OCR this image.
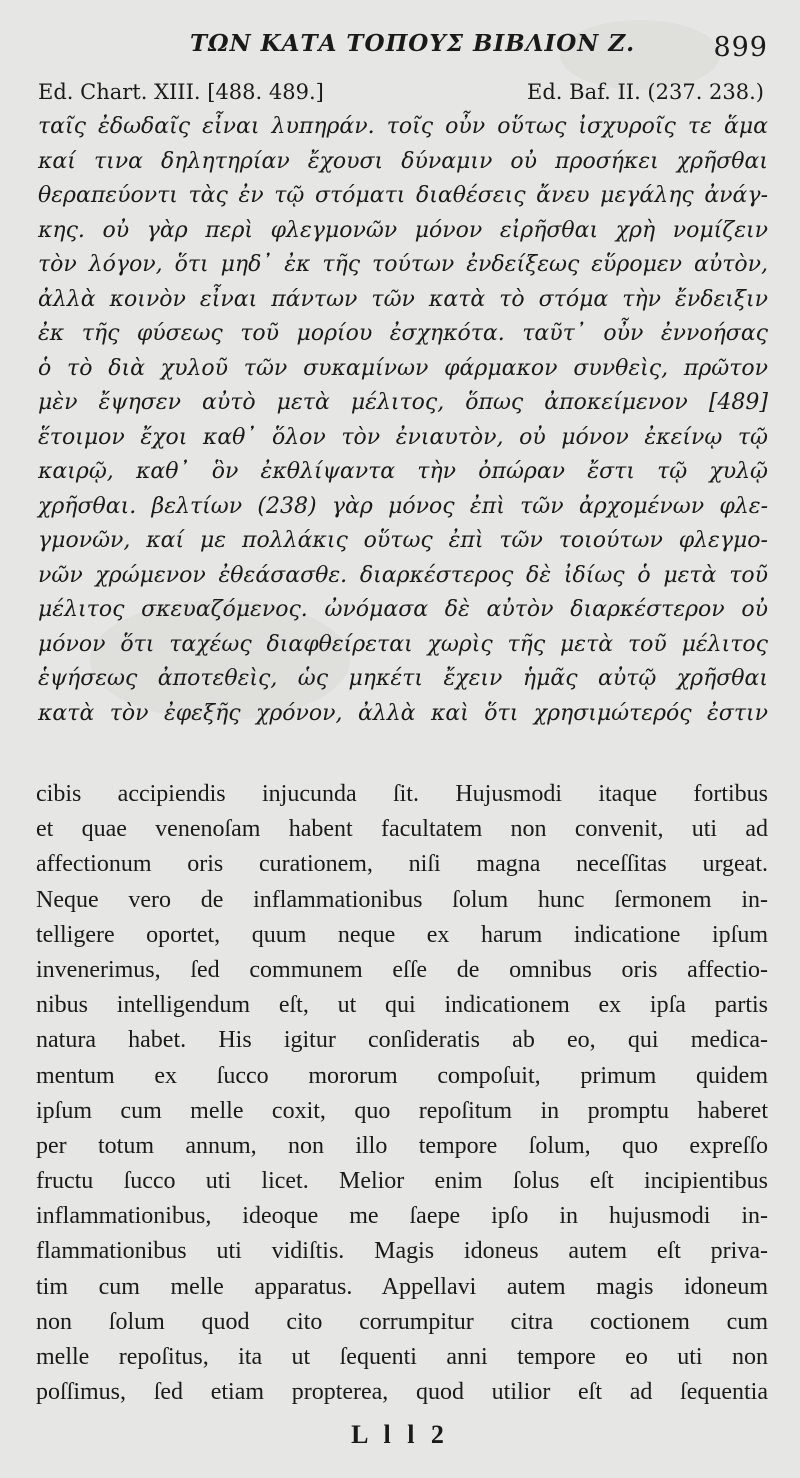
ΤΩΝ ΚΑΤΑ ΤΟΠΟΥΣ ΒΙΒΛΙΟΝ Ζ.	899
Ed. Chart. XIII. [488. 489.]	Ed. Baf. II. (237. 238.)
ταῖς ἐδωδαῖς εἶναι λυπηράν. τοῖς οὖν οὕτως ἰσχυροῖς τε ἅμα
καί τινα δηλητηρίαν ἔχουσι δύναμιν οὐ προσήκει χρῆσθαι
θεραπεύοντι τὰς ἐν τῷ στόματι διαθέσεις ἄνευ μεγάλης ἀνάγ-
κης. οὐ γὰρ περὶ φλεγμονῶν μόνον εἰρῆσθαι χρὴ νομίζειν
τὸν λόγον, ὅτι μηδ᾽ ἐκ τῆς τούτων ἐνδείξεως εὕρομεν αὐτὸν,
ἀλλὰ κοινὸν εἶναι πάντων τῶν κατὰ τὸ στόμα τὴν ἔνδειξιν
ἐκ τῆς φύσεως τοῦ μορίου ἐσχηκότα. ταῦτ᾽ οὖν ἐννοήσας
ὁ τὸ διὰ χυλοῦ τῶν συκαμίνων φάρμακον συνθεὶς, πρῶτον
μὲν ἔψησεν αὐτὸ μετὰ μέλιτος, ὅπως ἀποκείμενον [489]
ἕτοιμον ἔχοι καθ᾽ ὅλον τὸν ἐνιαυτὸν, οὐ μόνον ἐκείνῳ τῷ
καιρῷ, καθ᾽ ὃν ἐκθλίψαντα τὴν ὀπώραν ἔστι τῷ χυλῷ
χρῆσθαι. βελτίων (238) γὰρ μόνος ἐπὶ τῶν ἀρχομένων φλε-
γμονῶν, καί με πολλάκις οὕτως ἐπὶ τῶν τοιούτων φλεγμο-
νῶν χρώμενον ἐθεάσασθε. διαρκέστερος δὲ ἰδίως ὁ μετὰ τοῦ
μέλιτος σκευαζόμενος. ὠνόμασα δὲ αὐτὸν διαρκέστερον οὐ
μόνον ὅτι ταχέως διαφθείρεται χωρὶς τῆς μετὰ τοῦ μέλιτος
ἑψήσεως ἀποτεθεὶς, ὡς μηκέτι ἔχειν ἡμᾶς αὐτῷ χρῆσθαι
κατὰ τὸν ἐφεξῆς χρόνον, ἀλλὰ καὶ ὅτι χρησιμώτερός ἐστιν
cibis accipiendis injucunda ſit. Hujusmodi itaque fortibus
et quae venenoſam habent facultatem non convenit, uti ad
affectionum oris curationem, niſi magna neceſſitas urgeat.
Neque vero de inflammationibus ſolum hunc ſermonem in-
telligere oportet, quum neque ex harum indicatione ipſum
invenerimus, ſed communem eſſe de omnibus oris affectio-
nibus intelligendum eſt, ut qui indicationem ex ipſa partis
natura habet. His igitur conſideratis ab eo, qui medica-
mentum ex ſucco mororum compoſuit, primum quidem
ipſum cum melle coxit, quo repoſitum in promptu haberet
per totum annum, non illo tempore ſolum, quo expreſſo
fructu ſucco uti licet. Melior enim ſolus eſt incipientibus
inflammationibus, ideoque me ſaepe ipſo in hujusmodi in-
flammationibus uti vidiſtis. Magis idoneus autem eſt priva-
tim cum melle apparatus. Appellavi autem magis idoneum
non ſolum quod cito corrumpitur citra coctionem cum
melle repoſitus, ita ut ſequenti anni tempore eo uti non
poſſimus, ſed etiam propterea, quod utilior eſt ad ſequentia
L l l 2
